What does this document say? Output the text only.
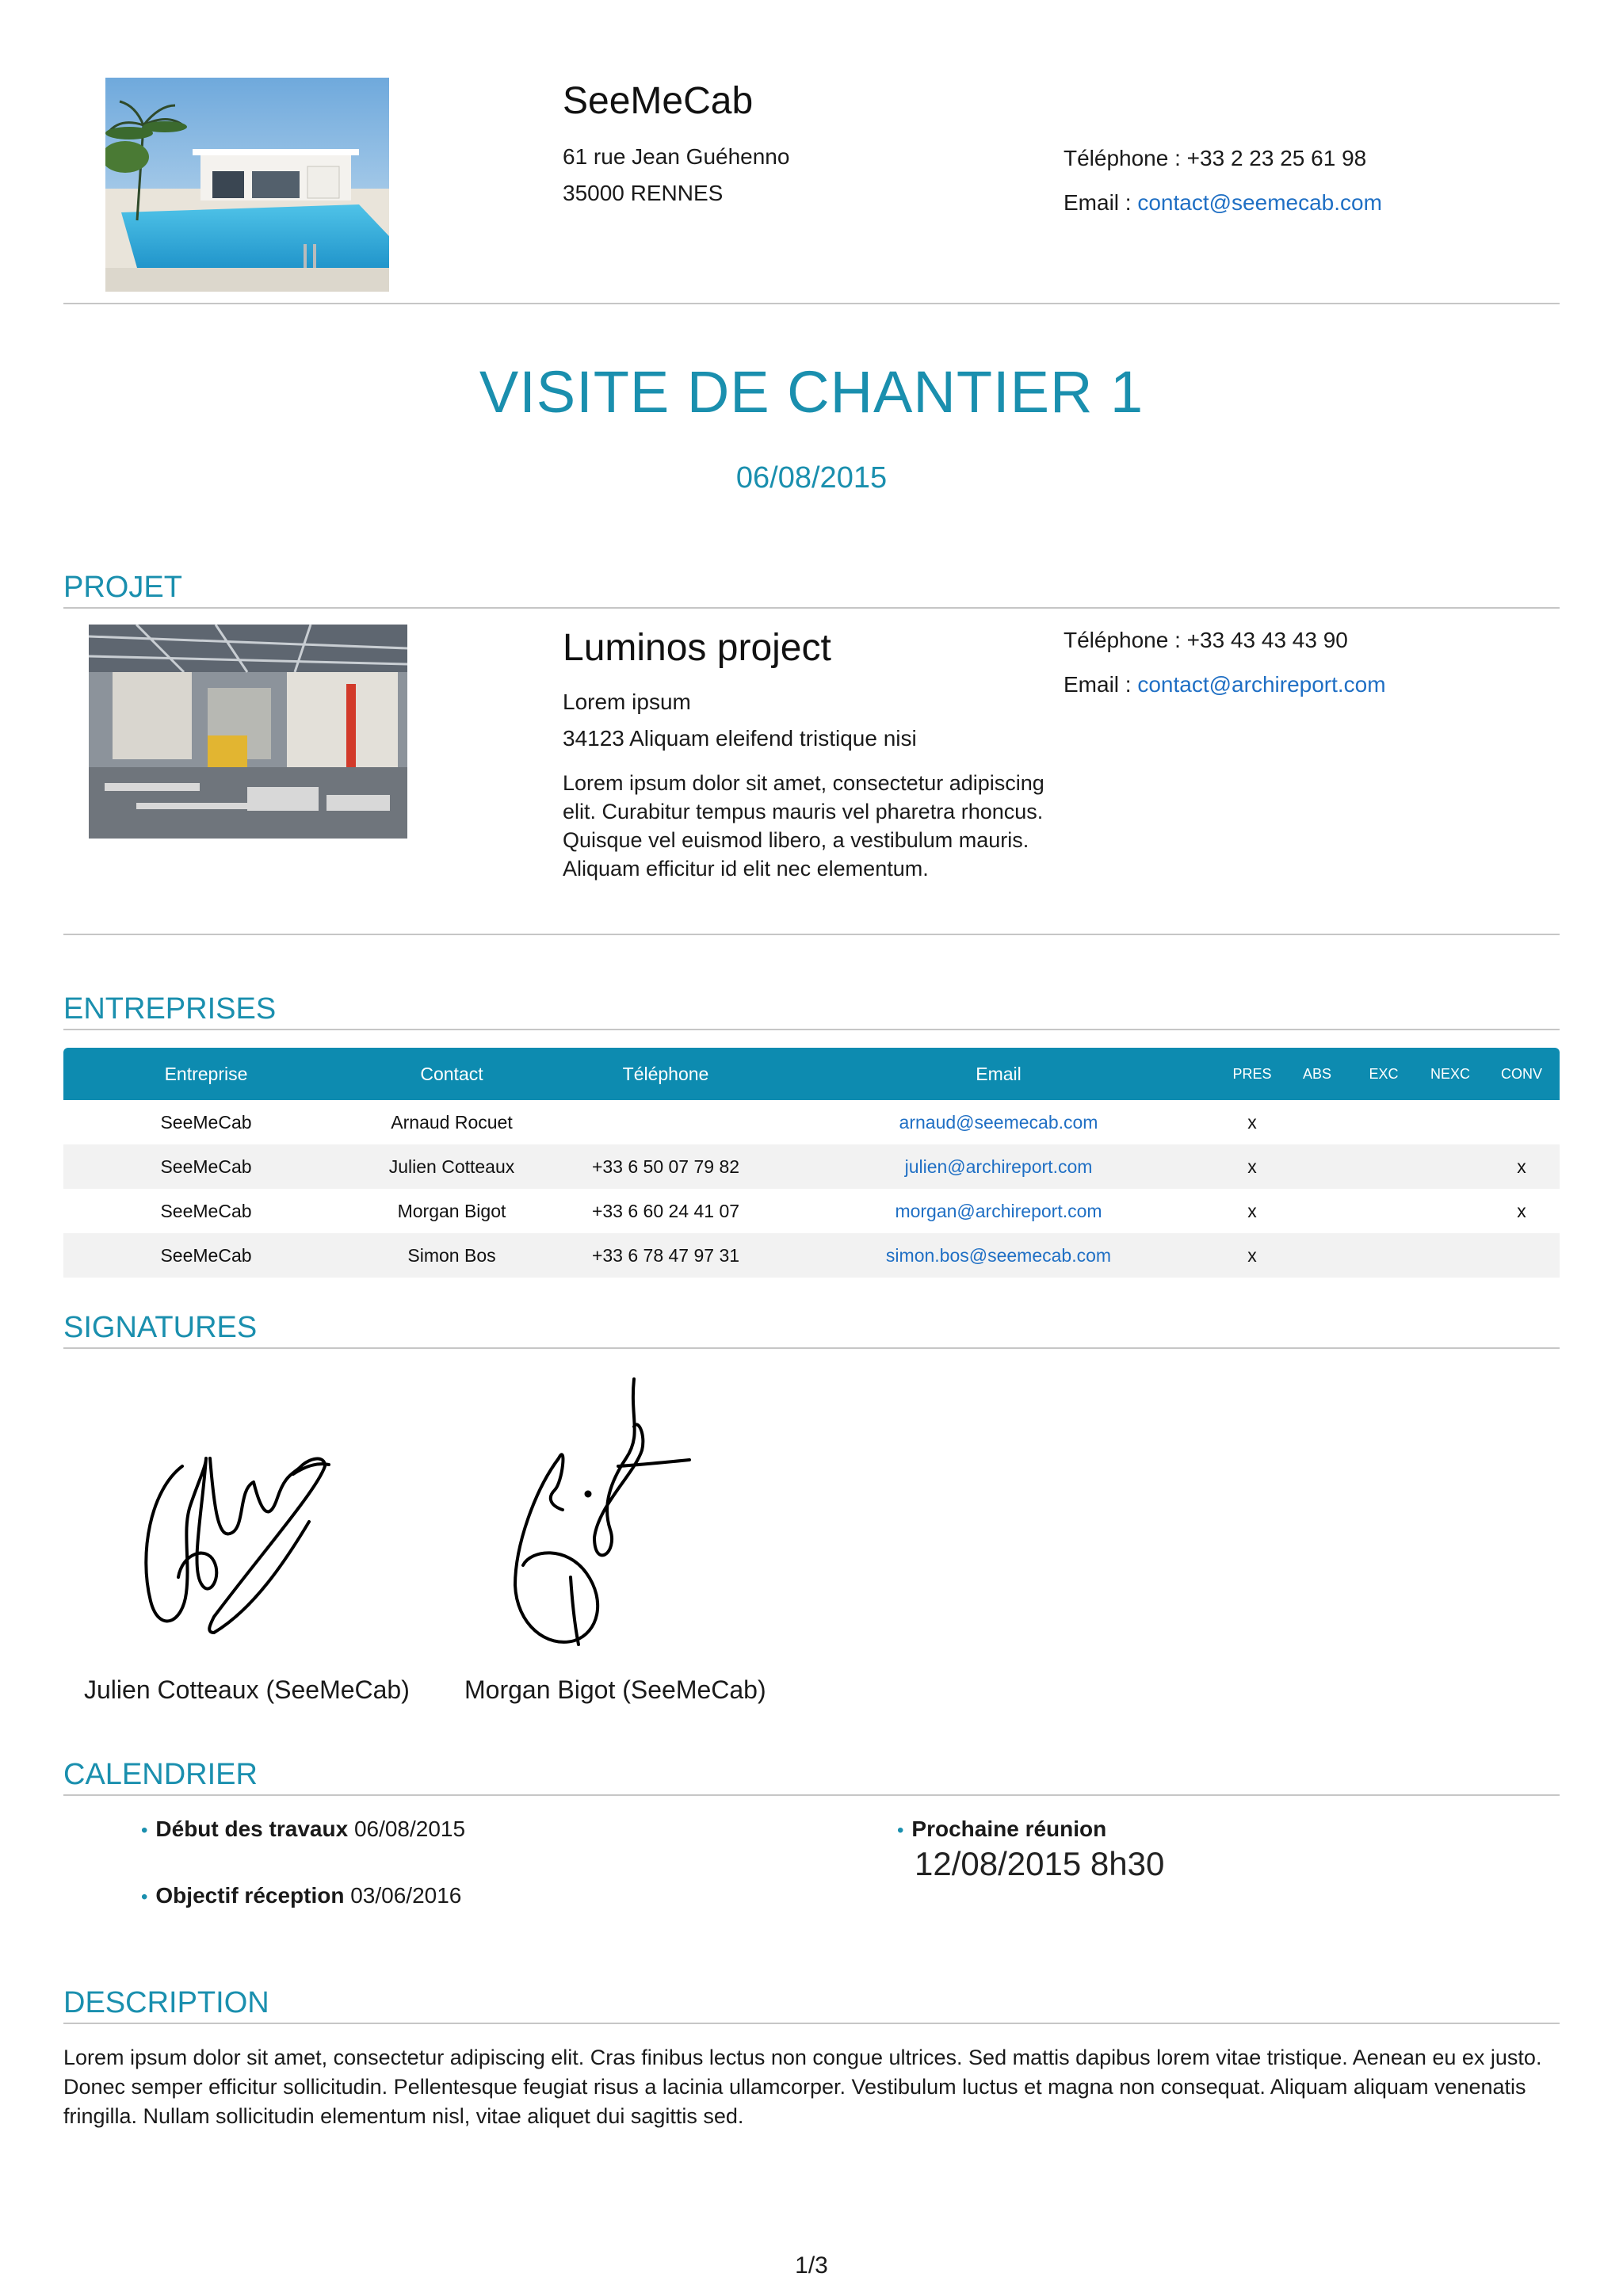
SeeMeCab
61 rue Jean Guéhenno
35000 RENNES
Téléphone : +33 2 23 25 61 98
Email : contact@seemecab.com
VISITE DE CHANTIER 1
06/08/2015
PROJET
Luminos project
Lorem ipsum
34123 Aliquam eleifend tristique nisi
Lorem ipsum dolor sit amet, consectetur adipiscing elit. Curabitur tempus mauris vel pharetra rhoncus. Quisque vel euismod libero, a vestibulum mauris. Aliquam efficitur id elit nec elementum.
Téléphone : +33 43 43 43 90
Email : contact@archireport.com
ENTREPRISES
Entreprise	Contact	Téléphone	Email	PRES	ABS	EXC	NEXC	CONV
SeeMeCab	Arnaud Rocuet		arnaud@seemecab.com	x				
SeeMeCab	Julien Cotteaux	+33 6 50 07 79 82	julien@archireport.com	x				x
SeeMeCab	Morgan Bigot	+33 6 60 24 41 07	morgan@archireport.com	x				x
SeeMeCab	Simon Bos	+33 6 78 47 97 31	simon.bos@seemecab.com	x				
SIGNATURES
Julien Cotteaux (SeeMeCab) Morgan Bigot (SeeMeCab)
CALENDRIER
• Début des travaux 06/08/2015
• Objectif réception 03/06/2016
• Prochaine réunion
12/08/2015 8h30
DESCRIPTION
Lorem ipsum dolor sit amet, consectetur adipiscing elit. Cras finibus lectus non congue ultrices. Sed mattis dapibus lorem vitae tristique. Aenean eu ex justo. Donec semper efficitur sollicitudin. Pellentesque feugiat risus a lacinia ullamcorper. Vestibulum luctus et magna non consequat. Aliquam aliquam venenatis fringilla. Nullam sollicitudin elementum nisl, vitae aliquet dui sagittis sed.
1/3
